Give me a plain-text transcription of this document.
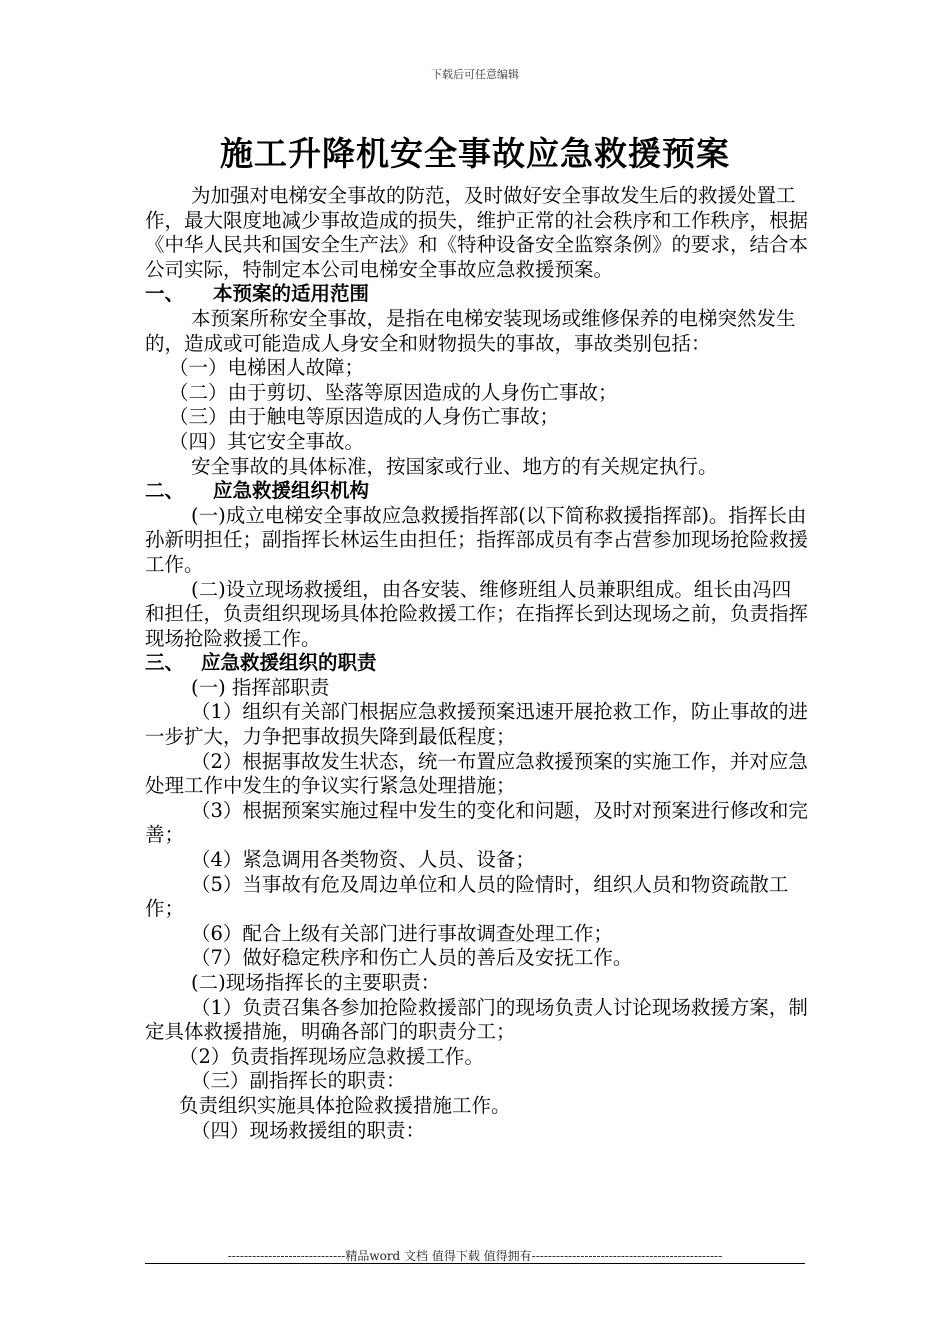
下载后可任意编辑
施工升降机安全事故应急救援预案

为加强对电梯安全事故的防范，及时做好安全事故发生后的救援处置工作，最大限度地减少事故造成的损失，维护正常的社会秩序和工作秩序，根据《中华人民共和国安全生产法》和《特种设备安全监察条例》的要求，结合本公司实际，特制定本公司电梯安全事故应急救援预案。

一、 本预案的适用范围

本预案所称安全事故，是指在电梯安装现场或维修保养的电梯突然发生的，造成或可能造成人身安全和财物损失的事故，事故类别包括：

（一）电梯困人故障；

（二）由于剪切、坠落等原因造成的人身伤亡事故；

（三）由于触电等原因造成的人身伤亡事故；

（四）其它安全事故。

安全事故的具体标准，按国家或行业、地方的有关规定执行。

二、 应急救援组织机构

(一)成立电梯安全事故应急救援指挥部(以下简称救援指挥部)。指挥长由孙新明担任；副指挥长林运生由担任；指挥部成员有李占营参加现场抢险救援工作。

(二)设立现场救援组，由各安装、维修班组人员兼职组成。组长由冯四和担任，负责组织现场具体抢险救援工作；在指挥长到达现场之前，负责指挥现场抢险救援工作。

三、 应急救援组织的职责

(一) 指挥部职责

（1）组织有关部门根据应急救援预案迅速开展抢救工作，防止事故的进一步扩大，力争把事故损失降到最低程度；

（2）根据事故发生状态，统一布置应急救援预案的实施工作，并对应急处理工作中发生的争议实行紧急处理措施；

（3）根据预案实施过程中发生的变化和问题，及时对预案进行修改和完善；

（4）紧急调用各类物资、人员、设备；

（5）当事故有危及周边单位和人员的险情时，组织人员和物资疏散工作；

（6）配合上级有关部门进行事故调查处理工作；

（7）做好稳定秩序和伤亡人员的善后及安抚工作。

(二)现场指挥长的主要职责：

（1）负责召集各参加抢险救援部门的现场负责人讨论现场救援方案，制定具体救援措施，明确各部门的职责分工；

（2）负责指挥现场应急救援工作。

（三）副指挥长的职责：

负责组织实施具体抢险救援措施工作。

（四）现场救援组的职责：

-----------------------------精品word 文档 值得下载 值得拥有-----------------------------------------------
